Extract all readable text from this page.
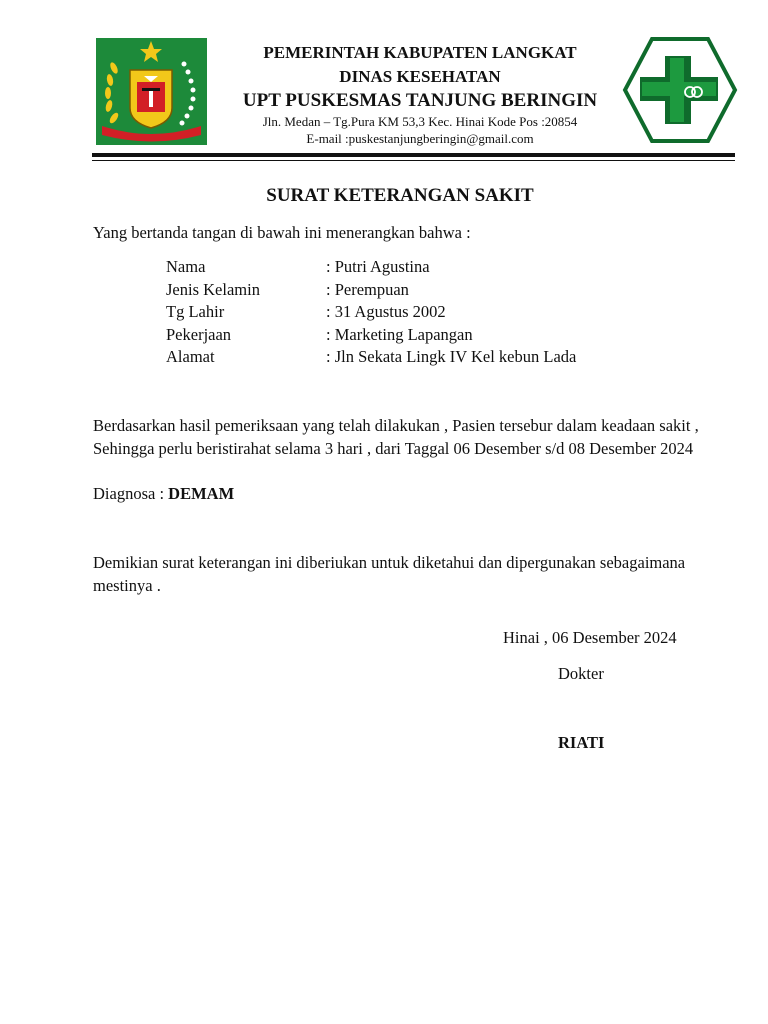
PEMERINTAH KABUPATEN LANGKAT
DINAS KESEHATAN
UPT PUSKESMAS TANJUNG BERINGIN
Jln. Medan – Tg.Pura KM 53,3 Kec. Hinai Kode Pos :20854
E-mail :puskestanjungberingin@gmail.com
SURAT KETERANGAN SAKIT
Yang bertanda tangan di bawah ini menerangkan bahwa :
Nama	: Putri Agustina
Jenis Kelamin	: Perempuan
Tg Lahir	: 31 Agustus 2002
Pekerjaan	: Marketing Lapangan
Alamat	: Jln Sekata Lingk IV Kel kebun Lada
Berdasarkan hasil pemeriksaan yang telah dilakukan , Pasien tersebur dalam keadaan sakit , Sehingga perlu beristirahat selama 3 hari , dari Taggal 06 Desember s/d 08 Desember 2024
Diagnosa : DEMAM
Demikian surat keterangan ini diberiukan untuk diketahui dan dipergunakan sebagaimana mestinya .
Hinai , 06 Desember 2024
Dokter
RIATI
